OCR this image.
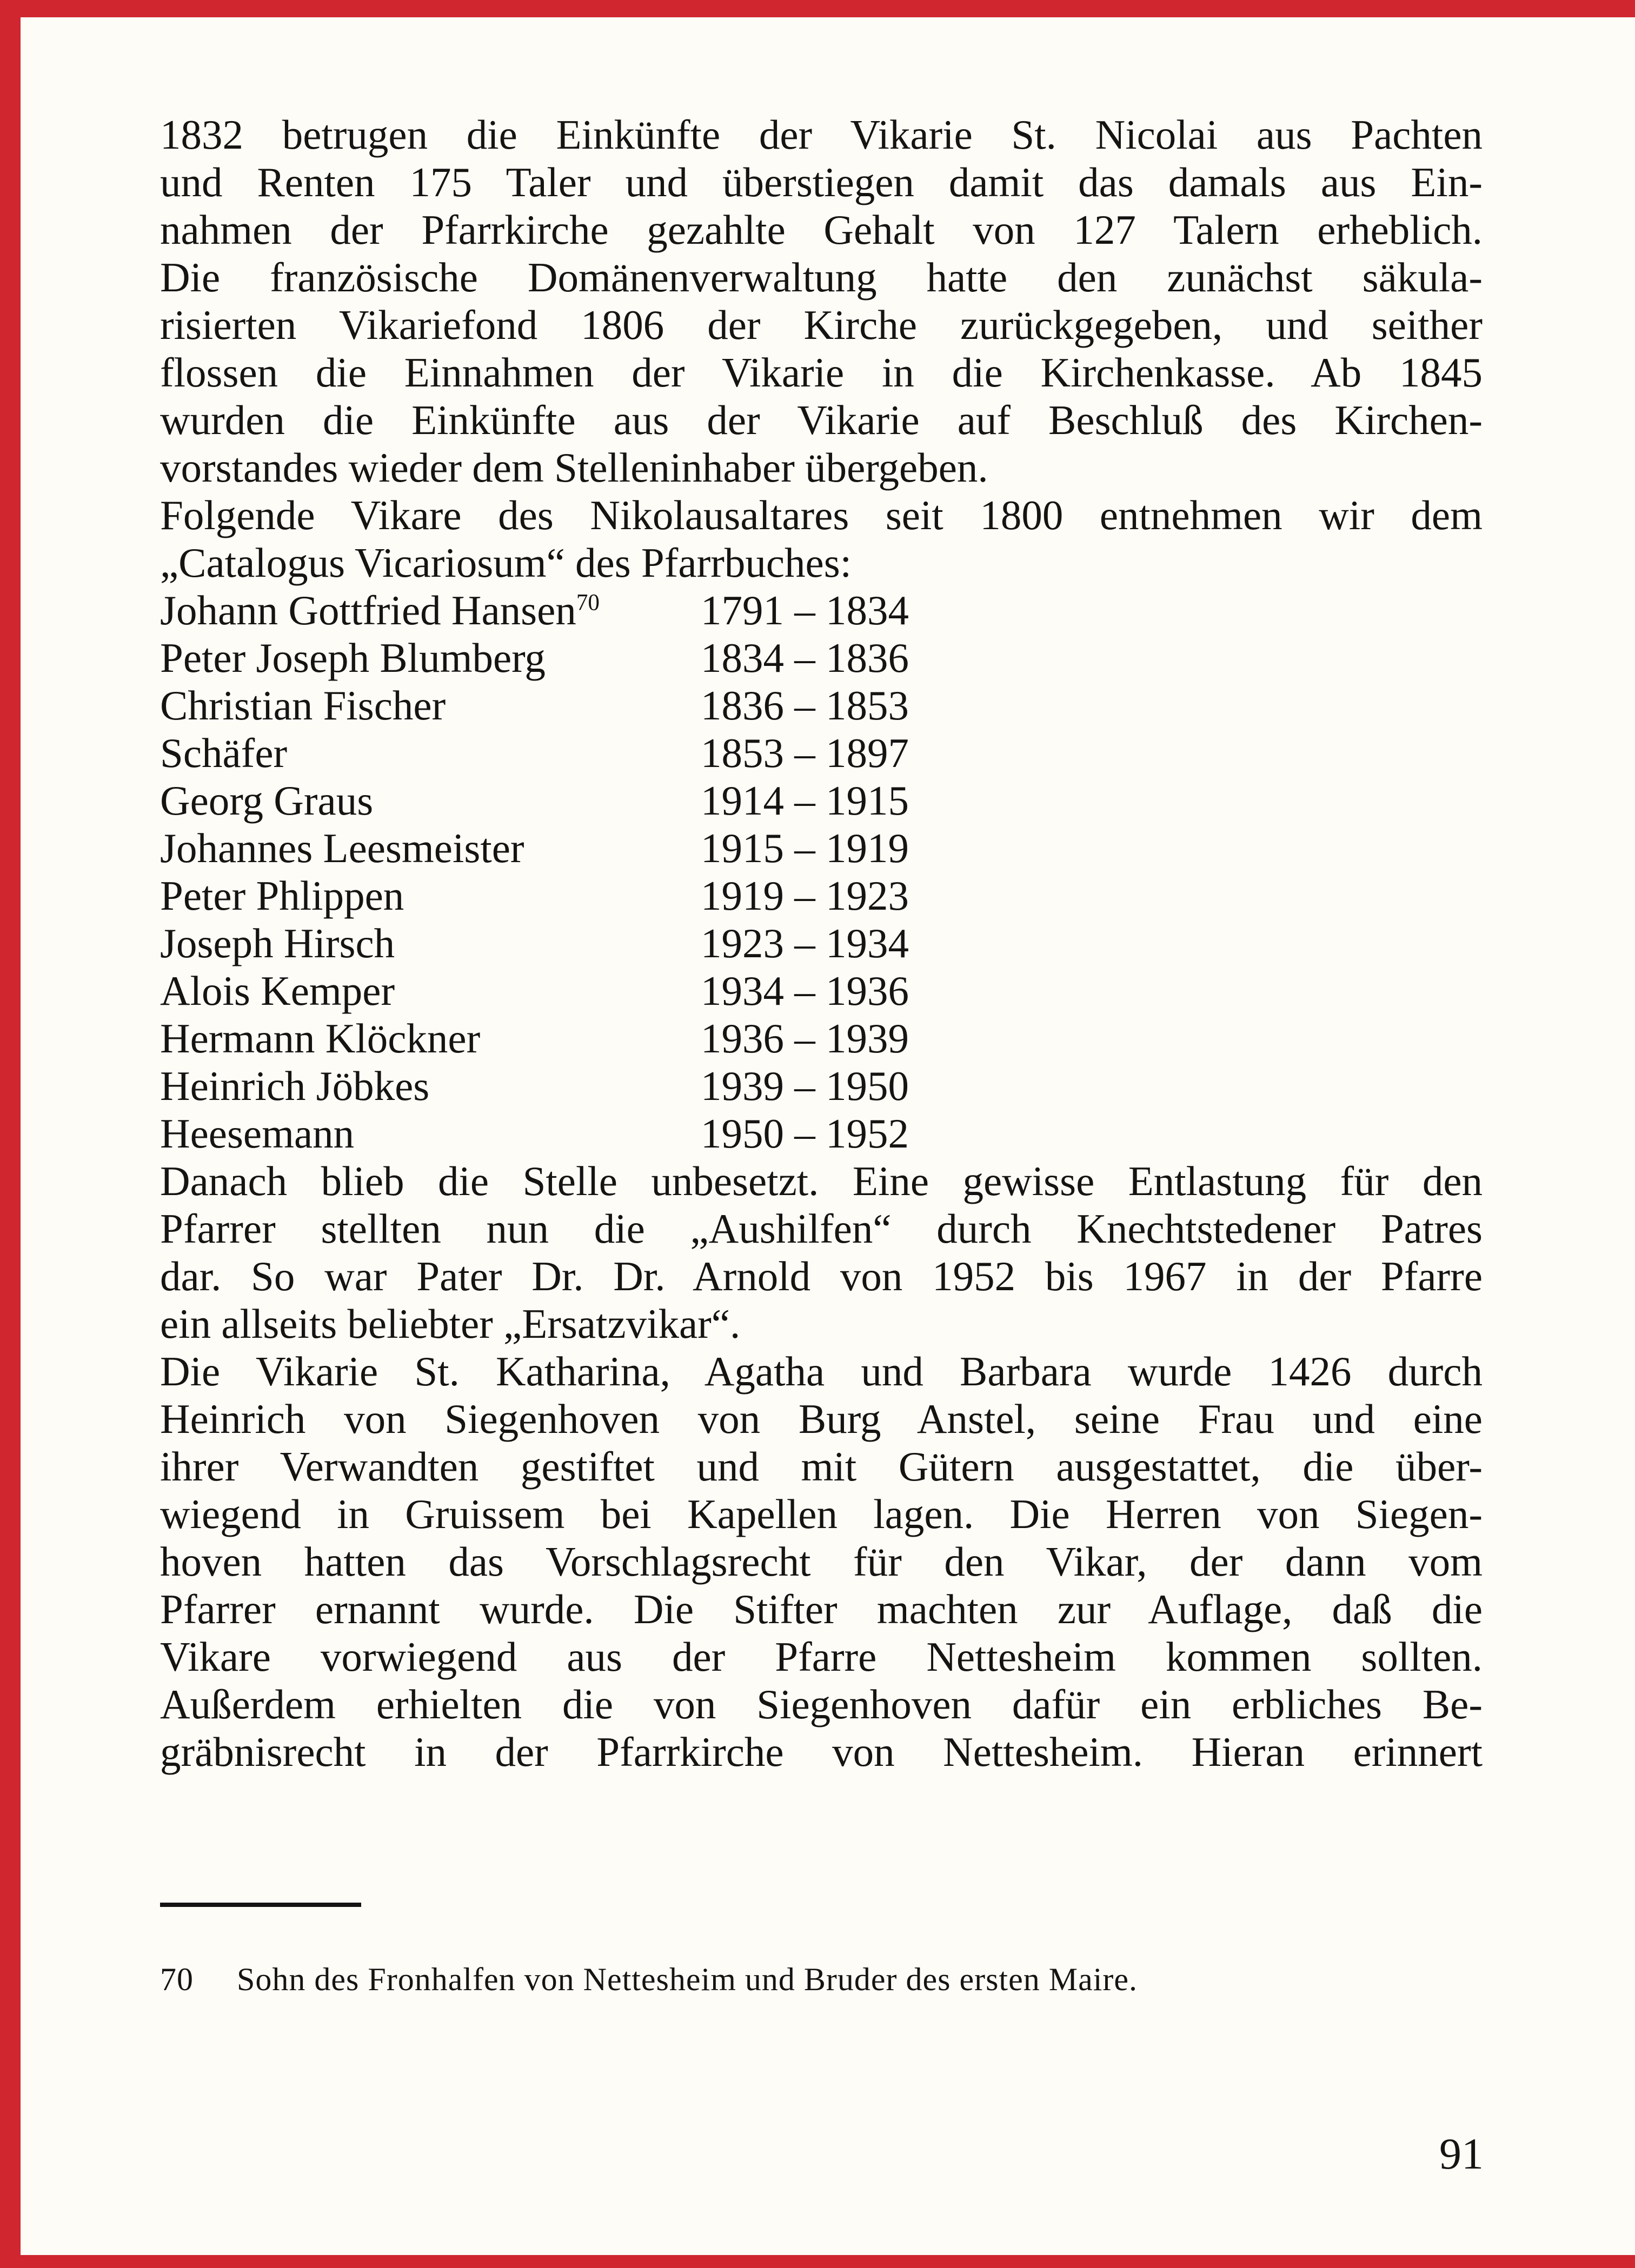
1832 betrugen die Einkünfte der Vikarie St. Nicolai aus Pachten
und Renten 175 Taler und überstiegen damit das damals aus Ein-
nahmen der Pfarrkirche gezahlte Gehalt von 127 Talern erheblich.
Die französische Domänenverwaltung hatte den zunächst säkula-
risierten Vikariefond 1806 der Kirche zurückgegeben, und seither
flossen die Einnahmen der Vikarie in die Kirchenkasse. Ab 1845
wurden die Einkünfte aus der Vikarie auf Beschluß des Kirchen-
vorstandes wieder dem Stelleninhaber übergeben.
Folgende Vikare des Nikolausaltares seit 1800 entnehmen wir dem
„Catalogus Vicariosum“ des Pfarrbuches:
Johann Gottfried Hansen$^{70}$	1791 – 1834
Peter Joseph Blumberg	1834 – 1836
Christian Fischer	1836 – 1853
Schäfer	1853 – 1897
Georg Graus	1914 – 1915
Johannes Leesmeister	1915 – 1919
Peter Phlippen	1919 – 1923
Joseph Hirsch	1923 – 1934
Alois Kemper	1934 – 1936
Hermann Klöckner	1936 – 1939
Heinrich Jöbkes	1939 – 1950
Heesemann	1950 – 1952
Danach blieb die Stelle unbesetzt. Eine gewisse Entlastung für den
Pfarrer stellten nun die „Aushilfen“ durch Knechtstedener Patres
dar. So war Pater Dr. Dr. Arnold von 1952 bis 1967 in der Pfarre
ein allseits beliebter „Ersatzvikar“.
Die Vikarie St. Katharina, Agatha und Barbara wurde 1426 durch
Heinrich von Siegenhoven von Burg Anstel, seine Frau und eine
ihrer Verwandten gestiftet und mit Gütern ausgestattet, die über-
wiegend in Gruissem bei Kapellen lagen. Die Herren von Siegen-
hoven hatten das Vorschlagsrecht für den Vikar, der dann vom
Pfarrer ernannt wurde. Die Stifter machten zur Auflage, daß die
Vikare vorwiegend aus der Pfarre Nettesheim kommen sollten.
Außerdem erhielten die von Siegenhoven dafür ein erbliches Be-
gräbnisrecht in der Pfarrkirche von Nettesheim. Hieran erinnert
70 Sohn des Fronhalfen von Nettesheim und Bruder des ersten Maire.
91
